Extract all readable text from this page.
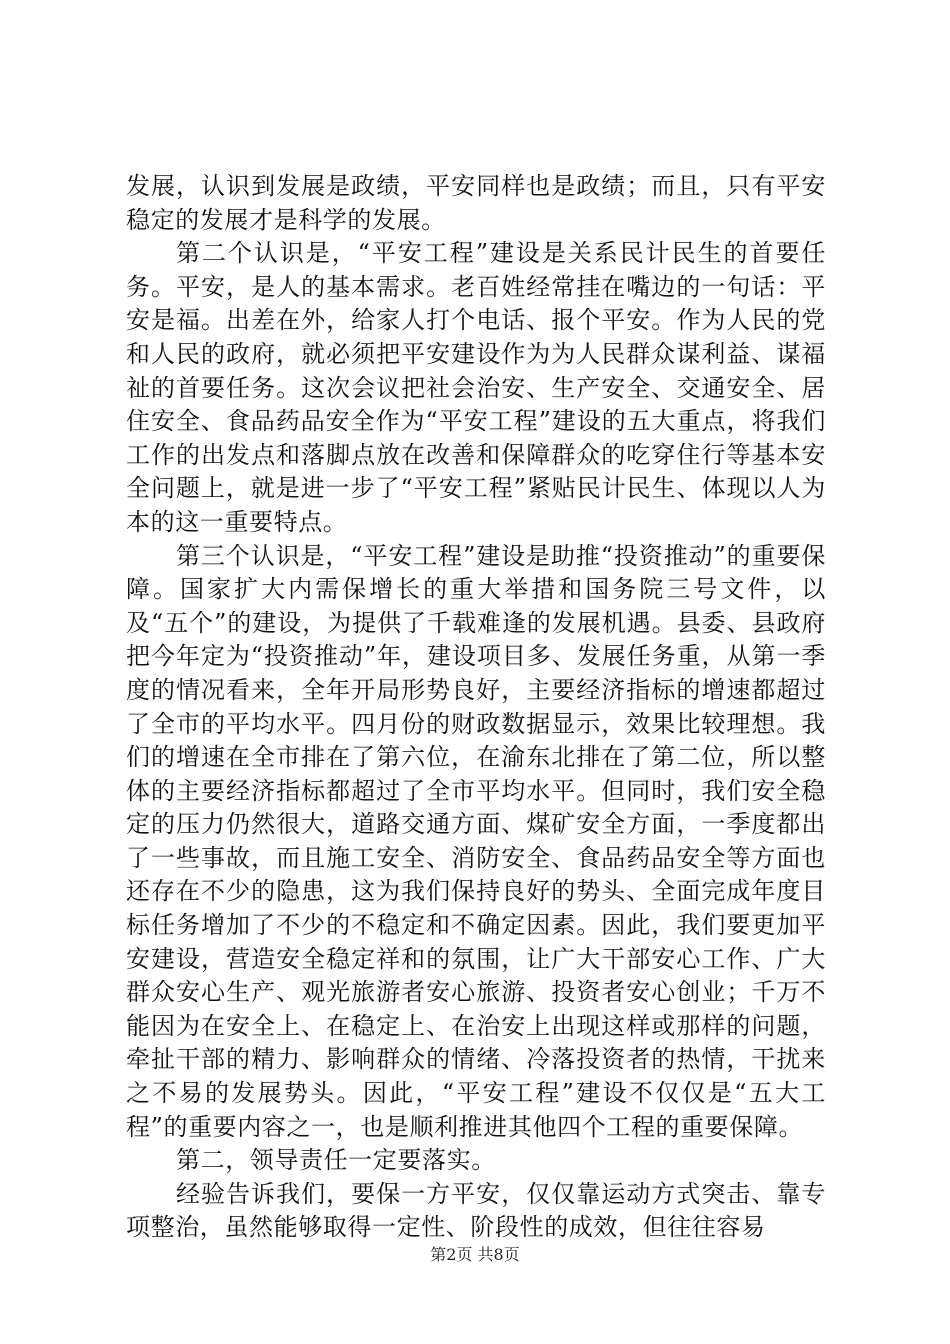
发展，认识到发展是政绩，平安同样也是政绩；而且，只有平安稳定的发展才是科学的发展。

第二个认识是，“平安工程”建设是关系民计民生的首要任务。平安，是人的基本需求。老百姓经常挂在嘴边的一句话：平安是福。出差在外，给家人打个电话、报个平安。作为人民的党和人民的政府，就必须把平安建设作为为人民群众谋利益、谋福祉的首要任务。这次会议把社会治安、生产安全、交通安全、居住安全、食品药品安全作为“平安工程”建设的五大重点，将我们工作的出发点和落脚点放在改善和保障群众的吃穿住行等基本安全问题上，就是进一步了“平安工程”紧贴民计民生、体现以人为本的这一重要特点。

第三个认识是，“平安工程”建设是助推“投资推动”的重要保障。国家扩大内需保增长的重大举措和国务院三号文件，以及“五个”的建设，为提供了千载难逢的发展机遇。县委、县政府把今年定为“投资推动”年，建设项目多、发展任务重，从第一季度的情况看来，全年开局形势良好，主要经济指标的增速都超过了全市的平均水平。四月份的财政数据显示，效果比较理想。我们的增速在全市排在了第六位，在渝东北排在了第二位，所以整体的主要经济指标都超过了全市平均水平。但同时，我们安全稳定的压力仍然很大，道路交通方面、煤矿安全方面，一季度都出了一些事故，而且施工安全、消防安全、食品药品安全等方面也还存在不少的隐患，这为我们保持良好的势头、全面完成年度目标任务增加了不少的不稳定和不确定因素。因此，我们要更加平安建设，营造安全稳定祥和的氛围，让广大干部安心工作、广大群众安心生产、观光旅游者安心旅游、投资者安心创业；千万不能因为在安全上、在稳定上、在治安上出现这样或那样的问题，牵扯干部的精力、影响群众的情绪、冷落投资者的热情，干扰来之不易的发展势头。因此，“平安工程”建设不仅仅是“五大工程”的重要内容之一，也是顺利推进其他四个工程的重要保障。

第二，领导责任一定要落实。

经验告诉我们，要保一方平安，仅仅靠运动方式突击、靠专项整治，虽然能够取得一定性、阶段性的成效，但往往容易

第2页 共8页
